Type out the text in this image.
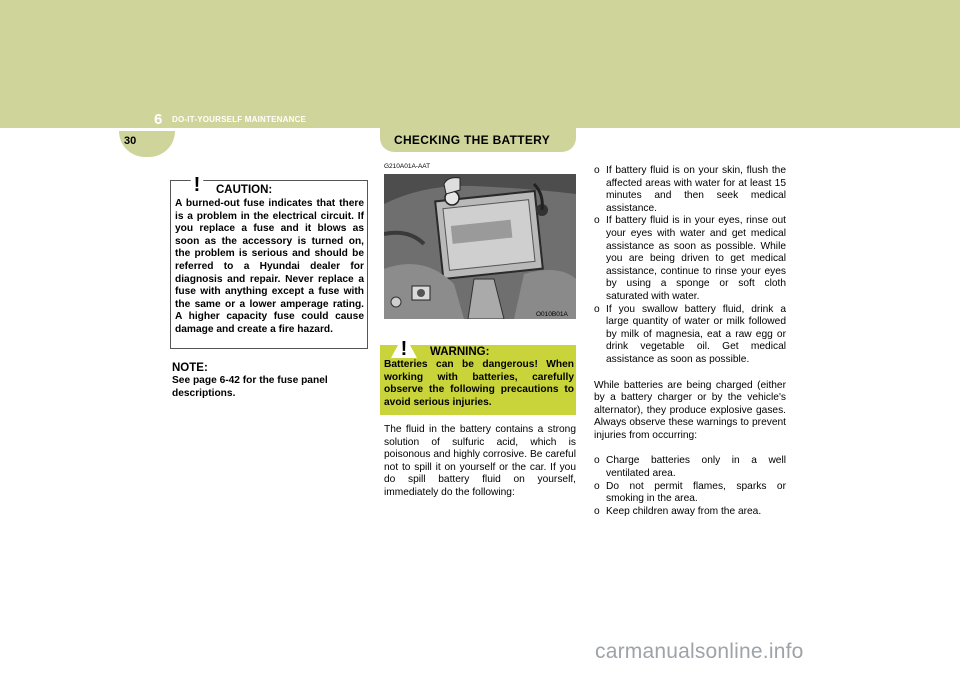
6 DO-IT-YOURSELF MAINTENANCE
30	CHECKING THE BATTERY
! CAUTION:
A burned-out fuse indicates that there is a problem in the electrical circuit. If you replace a fuse and it blows as soon as the accessory is turned on, the problem is serious and should be referred to a Hyundai dealer for diagnosis and repair. Never replace a fuse with anything except a fuse with the same or a lower amperage rating. A higher capacity fuse could cause damage and create a fire hazard.
NOTE:
See page 6-42 for the fuse panel descriptions.
G210A01A-AAT
O010B01A
! WARNING:
Batteries can be dangerous! When working with batteries, carefully observe the following precautions to avoid serious injuries.
The fluid in the battery contains a strong solution of sulfuric acid, which is poisonous and highly corrosive. Be careful not to spill it on yourself or the car. If you do spill battery fluid on yourself, immediately do the following:
o If battery fluid is on your skin, flush the affected areas with water for at least 15 minutes and then seek medical assistance.
o If battery fluid is in your eyes, rinse out your eyes with water and get medical assistance as soon as possible. While you are being driven to get medical assistance, continue to rinse your eyes by using a sponge or soft cloth saturated with water.
o If you swallow battery fluid, drink a large quantity of water or milk followed by milk of magnesia, eat a raw egg or drink vegetable oil. Get medical assistance as soon as possible.
While batteries are being charged (either by a battery charger or by the vehicle's alternator), they produce explosive gases. Always observe these warnings to prevent injuries from occurring:
o Charge batteries only in a well ventilated area.
o Do not permit flames, sparks or smoking in the area.
o Keep children away from the area.
carmanualsonline.info
